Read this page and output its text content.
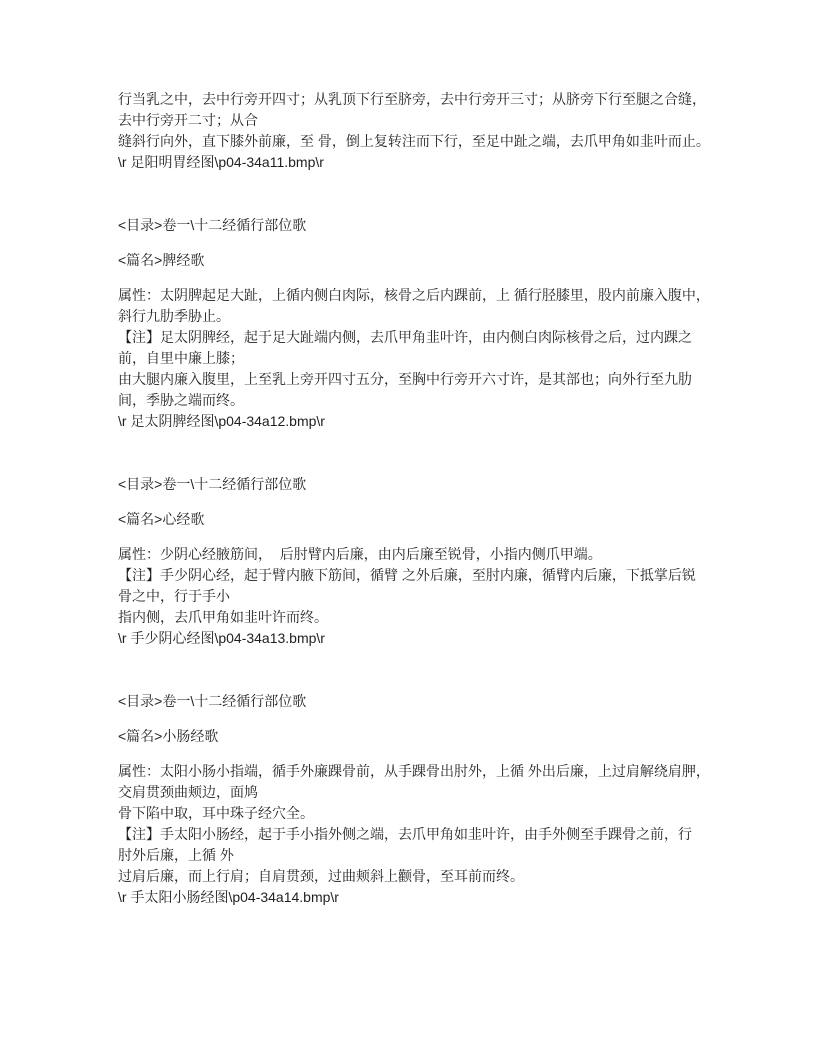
行当乳之中，去中行旁开四寸；从乳顶下行至脐旁，去中行旁开三寸；从脐旁下行至腿之合缝，
去中行旁开二寸；从合
缝斜行向外，直下膝外前廉，至 骨，倒上复转注而下行，至足中趾之端，去爪甲角如韭叶而止。
\r 足阳明胃经图\p04-34a11.bmp\r
<目录>卷一\十二经循行部位歌
<篇名>脾经歌
属性：太阴脾起足大趾，上循内侧白肉际，核骨之后内踝前，上 循行胫膝里，股内前廉入腹中，
斜行九肋季胁止。
【注】足太阴脾经，起于足大趾端内侧，去爪甲角韭叶许，由内侧白肉际核骨之后，过内踝之
前，自里中廉上膝；
由大腿内廉入腹里，上至乳上旁开四寸五分，至胸中行旁开六寸许，是其部也；向外行至九肋
间，季胁之端而终。
\r 足太阴脾经图\p04-34a12.bmp\r
<目录>卷一\十二经循行部位歌
<篇名>心经歌
属性：少阴心经腋筋间，  后肘臂内后廉，由内后廉至锐骨，小指内侧爪甲端。
【注】手少阴心经，起于臂内腋下筋间，循臂 之外后廉，至肘内廉，循臂内后廉，下抵掌后锐
骨之中，行于手小
指内侧，去爪甲角如韭叶许而终。
\r 手少阴心经图\p04-34a13.bmp\r
<目录>卷一\十二经循行部位歌
<篇名>小肠经歌
属性：太阳小肠小指端，循手外廉踝骨前，从手踝骨出肘外，上循 外出后廉，上过肩解绕肩胛，
交肩贯颈曲颊边，面鸠
骨下陷中取，耳中珠子经穴全。
【注】手太阳小肠经，起于手小指外侧之端，去爪甲角如韭叶许，由手外侧至手踝骨之前，行
肘外后廉，上循 外
过肩后廉，而上行肩；自肩贯颈，过曲颊斜上颧骨，至耳前而终。
\r 手太阳小肠经图\p04-34a14.bmp\r
